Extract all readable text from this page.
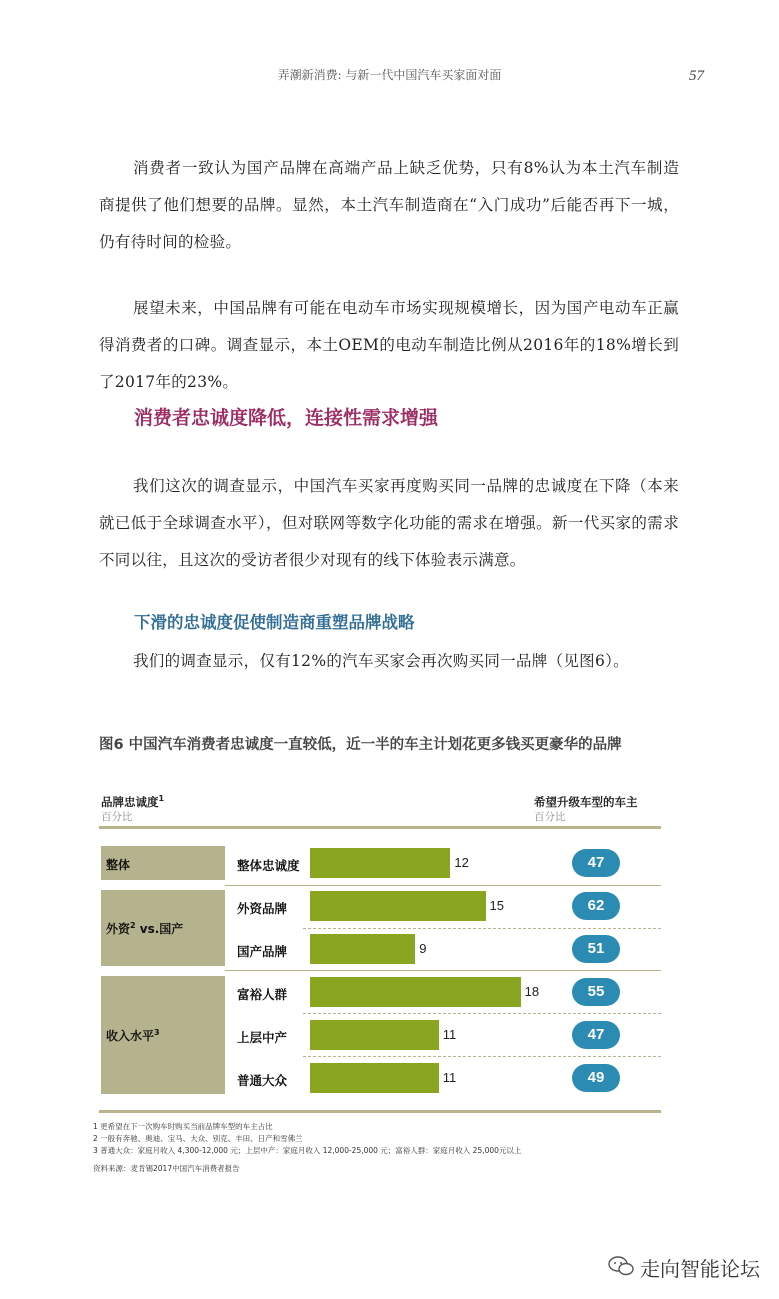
弄潮新消费: 与新一代中国汽车买家面对面	57

消费者一致认为国产品牌在高端产品上缺乏优势，只有8%认为本土汽车制造商提供了他们想要的品牌。显然，本土汽车制造商在“入门成功”后能否再下一城，仍有待时间的检验。

展望未来，中国品牌有可能在电动车市场实现规模增长，因为国产电动车正赢得消费者的口碑。调查显示，本土OEM的电动车制造比例从2016年的18%增长到了2017年的23%。

消费者忠诚度降低，连接性需求增强

我们这次的调查显示，中国汽车买家再度购买同一品牌的忠诚度在下降（本来就已低于全球调查水平），但对联网等数字化功能的需求在增强。新一代买家的需求不同以往，且这次的受访者很少对现有的线下体验表示满意。

下滑的忠诚度促使制造商重塑品牌战略

我们的调查显示，仅有12%的汽车买家会再次购买同一品牌（见图6）。

图6 中国汽车消费者忠诚度一直较低，近一半的车主计划花更多钱买更豪华的品牌

品牌忠诚度$^1$
百分比
希望升级车型的车主
百分比
整体
外资$^2$ vs.国产
收入水平$^3$
整体忠诚度
外资品牌
国产品牌
富裕人群
上层中产
普通大众
12
15
9
18
11
11
47
62
51
55
47
49

1 更希望在下一次购车时购买当前品牌车型的车主占比

2 一般有奔驰、奥迪、宝马、大众、别克、丰田、日产和雪佛兰

3 普通大众：家庭月收入 4,300-12,000 元；上层中产：家庭月收入 12,000-25,000 元；富裕人群：家庭月收入 25,000元以上

资料来源：麦肯锡2017中国汽车消费者报告

走向智能论坛
